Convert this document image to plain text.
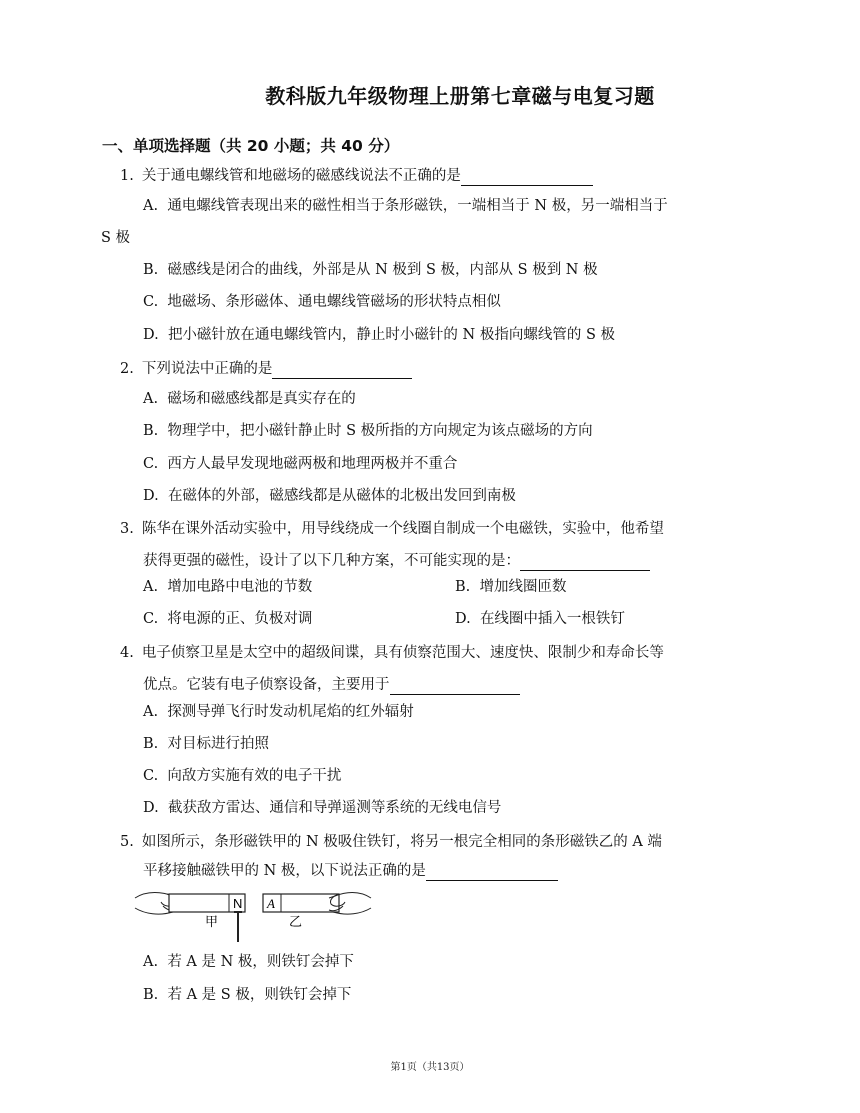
教科版九年级物理上册第七章磁与电复习题
一、单项选择题（共 20 小题；共 40 分）
1. 关于通电螺线管和地磁场的磁感线说法不正确的是
A. 通电螺线管表现出来的磁性相当于条形磁铁，一端相当于 N 极，另一端相当于
S 极
B. 磁感线是闭合的曲线，外部是从 N 极到 S 极，内部从 S 极到 N 极
C. 地磁场、条形磁体、通电螺线管磁场的形状特点相似
D. 把小磁针放在通电螺线管内，静止时小磁针的 N 极指向螺线管的 S 极
2. 下列说法中正确的是
A. 磁场和磁感线都是真实存在的
B. 物理学中，把小磁针静止时 S 极所指的方向规定为该点磁场的方向
C. 西方人最早发现地磁两极和地理两极并不重合
D. 在磁体的外部，磁感线都是从磁体的北极出发回到南极
3. 陈华在课外活动实验中，用导线绕成一个线圈自制成一个电磁铁，实验中，他希望
获得更强的磁性，设计了以下几种方案，不可能实现的是：
A. 增加电路中电池的节数	B. 增加线圈匝数
C. 将电源的正、负极对调	D. 在线圈中插入一根铁钉
4. 电子侦察卫星是太空中的超级间谍，具有侦察范围大、速度快、限制少和寿命长等
优点。它装有电子侦察设备，主要用于
A. 探测导弹飞行时发动机尾焰的红外辐射
B. 对目标进行拍照
C. 向敌方实施有效的电子干扰
D. 截获敌方雷达、通信和导弹遥测等系统的无线电信号
5. 如图所示，条形磁铁甲的 N 极吸住铁钉，将另一根完全相同的条形磁铁乙的 A 端
平移接触磁铁甲的 N 极，以下说法正确的是
N
甲
A
乙
A. 若 A 是 N 极，则铁钉会掉下
B. 若 A 是 S 极，则铁钉会掉下
第1页（共13页）
